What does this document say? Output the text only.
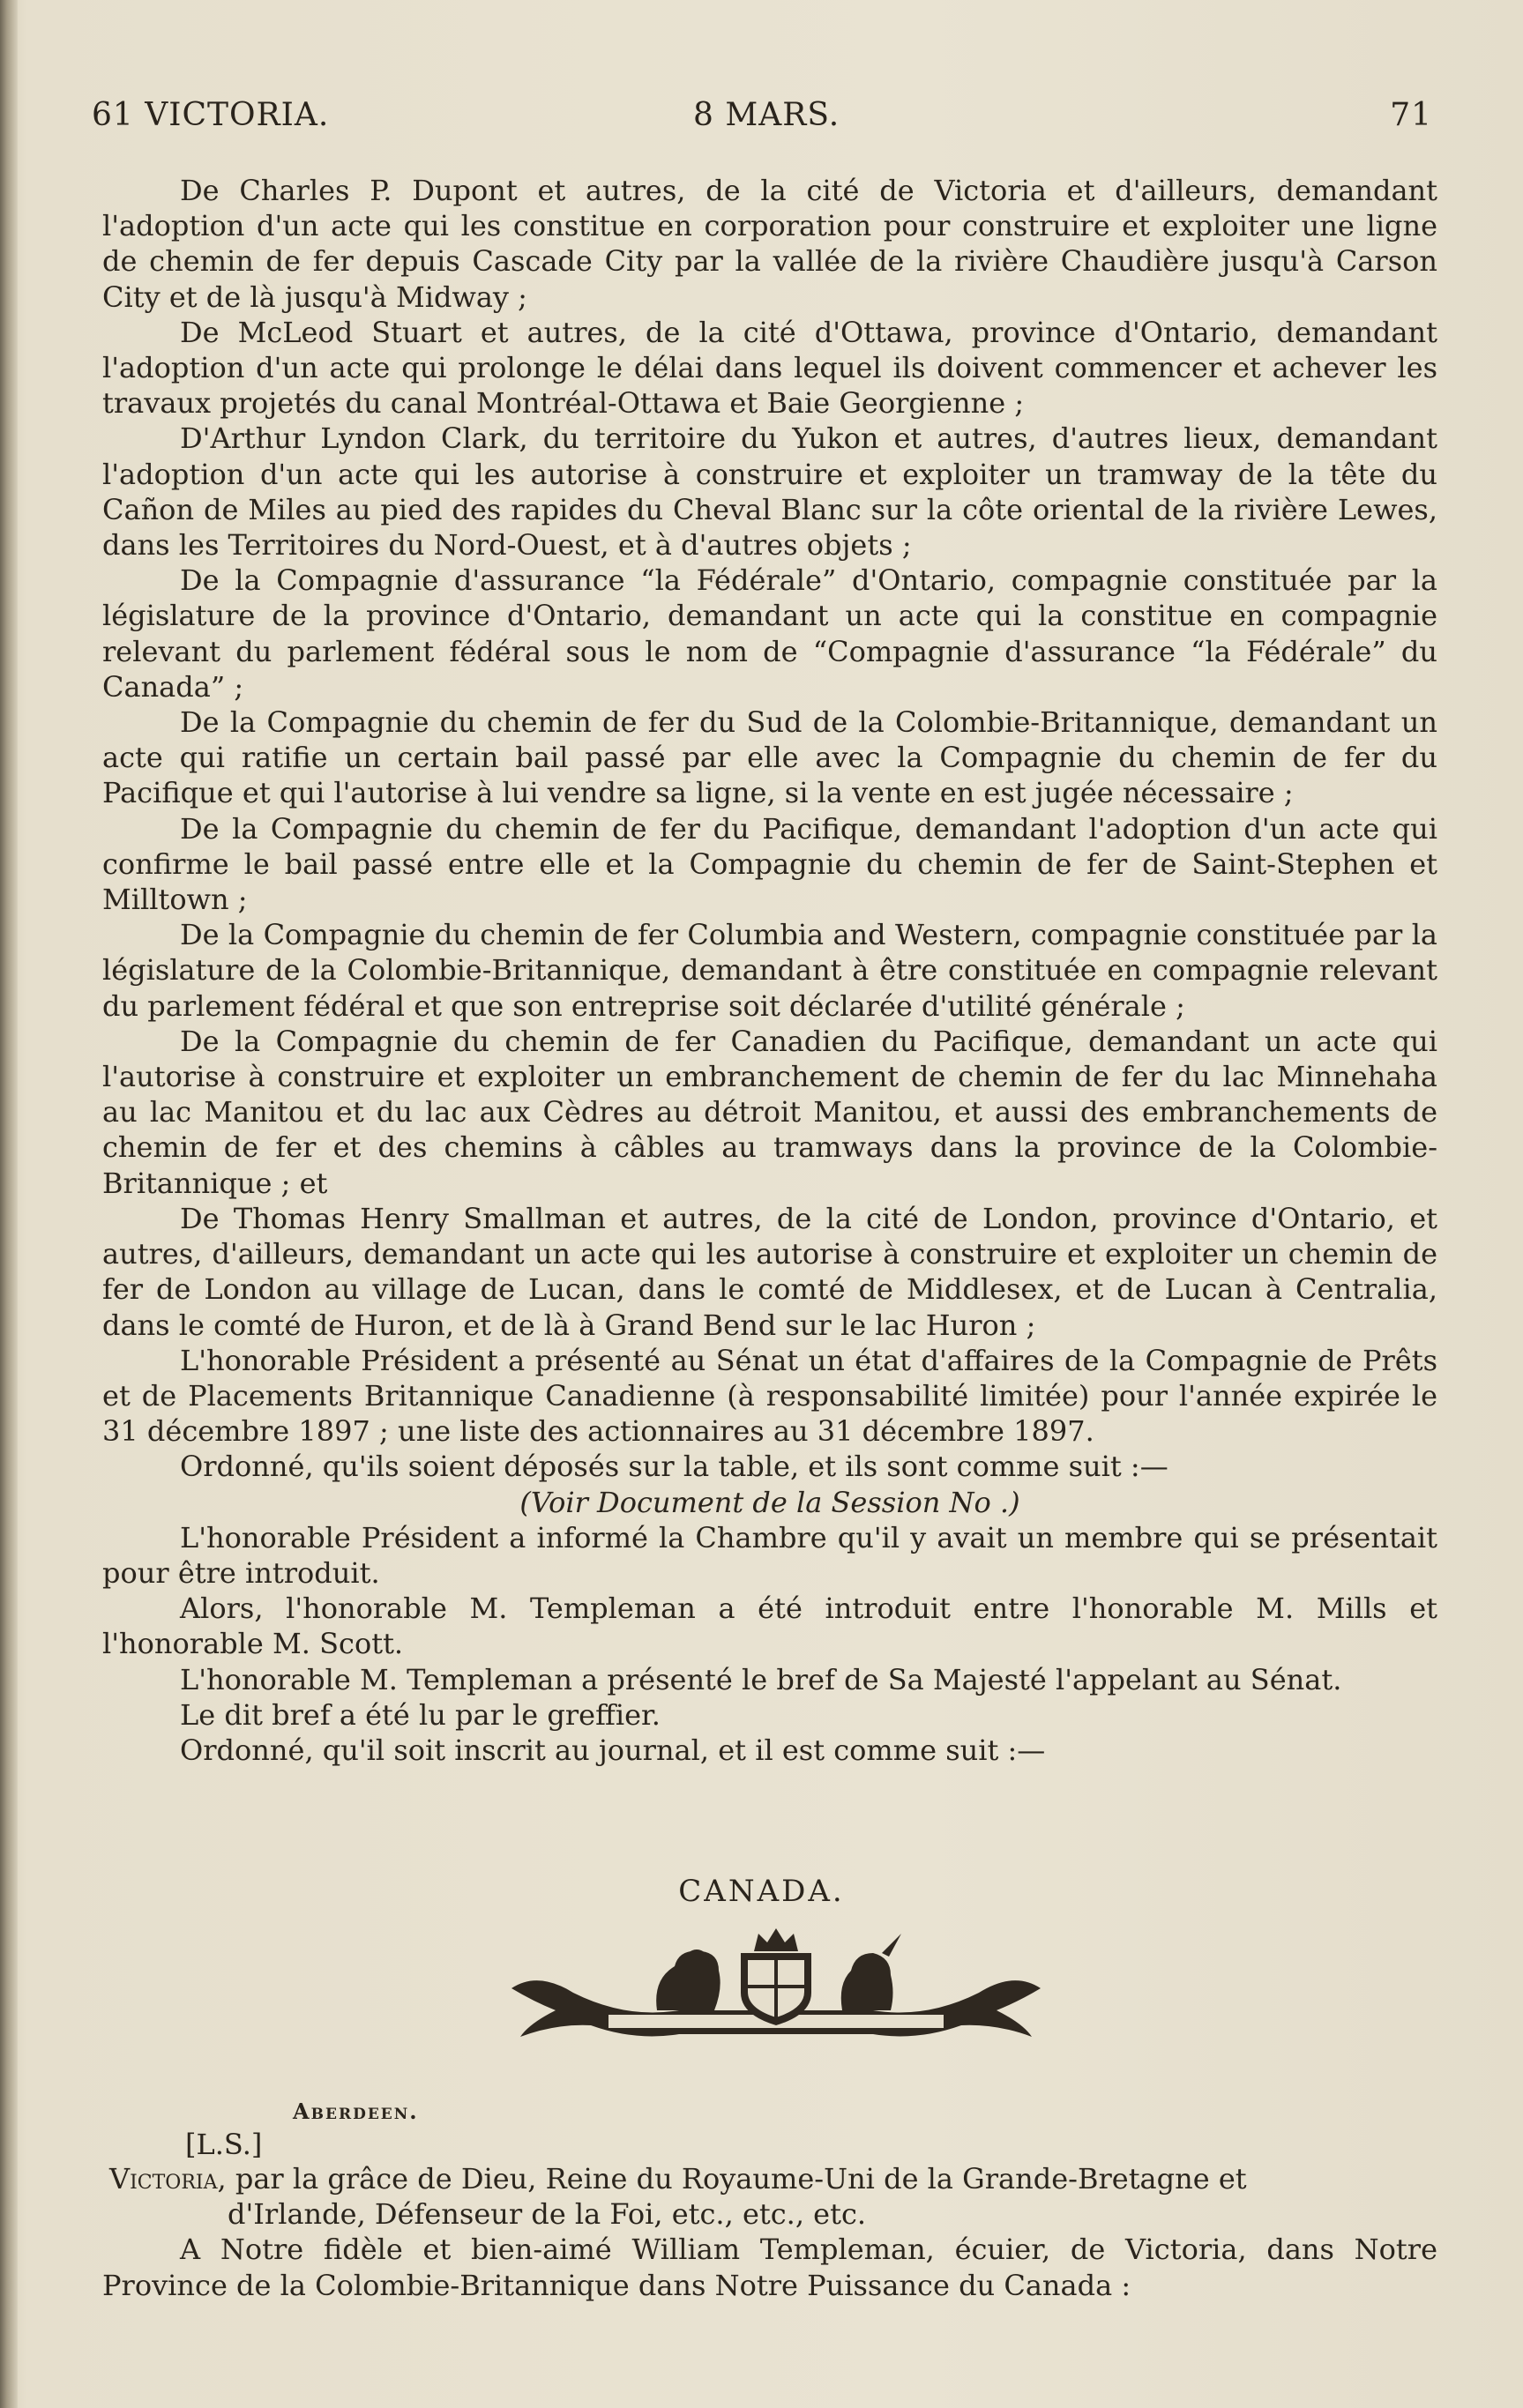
61 VICTORIA.	8 MARS.	71

De Charles P. Dupont et autres, de la cité de Victoria et d'ailleurs, demandant l'adoption d'un acte qui les constitue en corporation pour construire et exploiter une ligne de chemin de fer depuis Cascade City par la vallée de la rivière Chaudière jusqu'à Carson City et de là jusqu'à Midway ;

De McLeod Stuart et autres, de la cité d'Ottawa, province d'Ontario, demandant l'adoption d'un acte qui prolonge le délai dans lequel ils doivent commencer et achever les travaux projetés du canal Montréal-Ottawa et Baie Georgienne ;

D'Arthur Lyndon Clark, du territoire du Yukon et autres, d'autres lieux, demandant l'adoption d'un acte qui les autorise à construire et exploiter un tramway de la tête du Cañon de Miles au pied des rapides du Cheval Blanc sur la côte oriental de la rivière Lewes, dans les Territoires du Nord-Ouest, et à d'autres objets ;

De la Compagnie d'assurance “la Fédérale” d'Ontario, compagnie constituée par la législature de la province d'Ontario, demandant un acte qui la constitue en compagnie relevant du parlement fédéral sous le nom de “Compagnie d'assurance “la Fédérale” du Canada” ;

De la Compagnie du chemin de fer du Sud de la Colombie-Britannique, demandant un acte qui ratifie un certain bail passé par elle avec la Compagnie du chemin de fer du Pacifique et qui l'autorise à lui vendre sa ligne, si la vente en est jugée nécessaire ;

De la Compagnie du chemin de fer du Pacifique, demandant l'adoption d'un acte qui confirme le bail passé entre elle et la Compagnie du chemin de fer de Saint-Stephen et Milltown ;

De la Compagnie du chemin de fer Columbia and Western, compagnie constituée par la législature de la Colombie-Britannique, demandant à être constituée en compagnie relevant du parlement fédéral et que son entreprise soit déclarée d'utilité générale ;

De la Compagnie du chemin de fer Canadien du Pacifique, demandant un acte qui l'autorise à construire et exploiter un embranchement de chemin de fer du lac Minnehaha au lac Manitou et du lac aux Cèdres au détroit Manitou, et aussi des embranchements de chemin de fer et des chemins à câbles au tramways dans la province de la Colombie-Britannique ; et

De Thomas Henry Smallman et autres, de la cité de London, province d'Ontario, et autres, d'ailleurs, demandant un acte qui les autorise à construire et exploiter un chemin de fer de London au village de Lucan, dans le comté de Middlesex, et de Lucan à Centralia, dans le comté de Huron, et de là à Grand Bend sur le lac Huron ;

L'honorable Président a présenté au Sénat un état d'affaires de la Compagnie de Prêts et de Placements Britannique Canadienne (à responsabilité limitée) pour l'année expirée le 31 décembre 1897 ; une liste des actionnaires au 31 décembre 1897.

Ordonné, qu'ils soient déposés sur la table, et ils sont comme suit :—

(Voir Document de la Session No .)

L'honorable Président a informé la Chambre qu'il y avait un membre qui se présentait pour être introduit.

Alors, l'honorable M. Templeman a été introduit entre l'honorable M. Mills et l'honorable M. Scott.

L'honorable M. Templeman a présenté le bref de Sa Majesté l'appelant au Sénat.

Le dit bref a été lu par le greffier.

Ordonné, qu'il soit inscrit au journal, et il est comme suit :—

CANADA.
Aberdeen.
[L.S.]

Victoria, par la grâce de Dieu, Reine du Royaume-Uni de la Grande-Bretagne et

d'Irlande, Défenseur de la Foi, etc., etc., etc.

A Notre fidèle et bien-aimé William Templeman, écuier, de Victoria, dans Notre Province de la Colombie-Britannique dans Notre Puissance du Canada :
